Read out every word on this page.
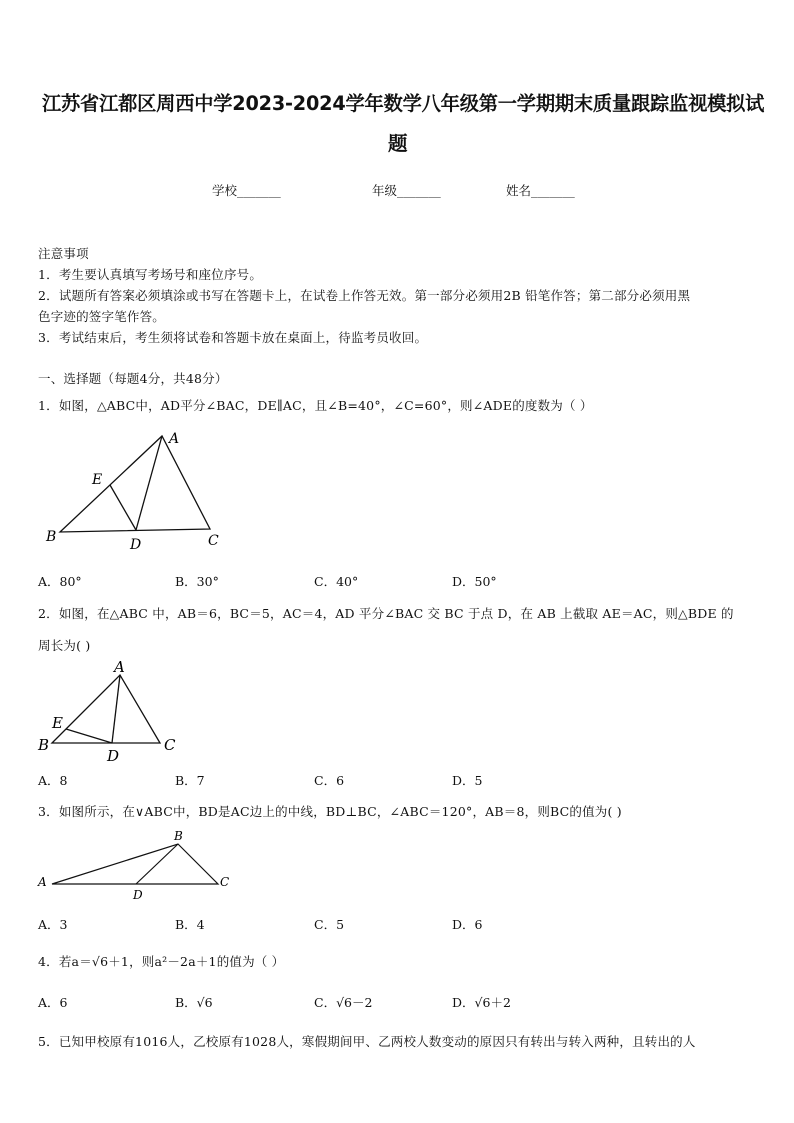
江苏省江都区周西中学2023-2024学年数学八年级第一学期期末质量跟踪监视模拟试
题
学校_______	年级_______	姓名_______
注意事项
1．考生要认真填写考场号和座位序号。
2．试题所有答案必须填涂或书写在答题卡上，在试卷上作答无效。第一部分必须用2B 铅笔作答；第二部分必须用黑
色字迹的签字笔作答。
3．考试结束后，考生须将试卷和答题卡放在桌面上，待监考员收回。
一、选择题（每题4分，共48分）
1．如图，△ABC中，AD平分∠BAC，DE∥AC，且∠B=40°，∠C=60°，则∠ADE的度数为（ ）
A
E
B	D	C
A．80°	B．30°	C．40°	D．50°
2．如图，在△ABC 中，AB＝6，BC＝5，AC＝4，AD 平分∠BAC 交 BC 于点 D，在 AB 上截取 AE＝AC，则△BDE 的
周长为( )
A
E
B
D
C
A．8	B．7	C．6	D．5
3．如图所示，在∨ABC中，BD是AC边上的中线，BD⊥BC，∠ABC＝120°，AB＝8，则BC的值为( )
B
A
D
C
A．3	B．4	C．5	D．6
4．若a＝√6＋1，则a²－2a＋1的值为（ ）
A．6	B．√6	C．√6－2	D．√6＋2
5．已知甲校原有1016人，乙校原有1028人，寒假期间甲、乙两校人数变动的原因只有转出与转入两种，且转出的人
